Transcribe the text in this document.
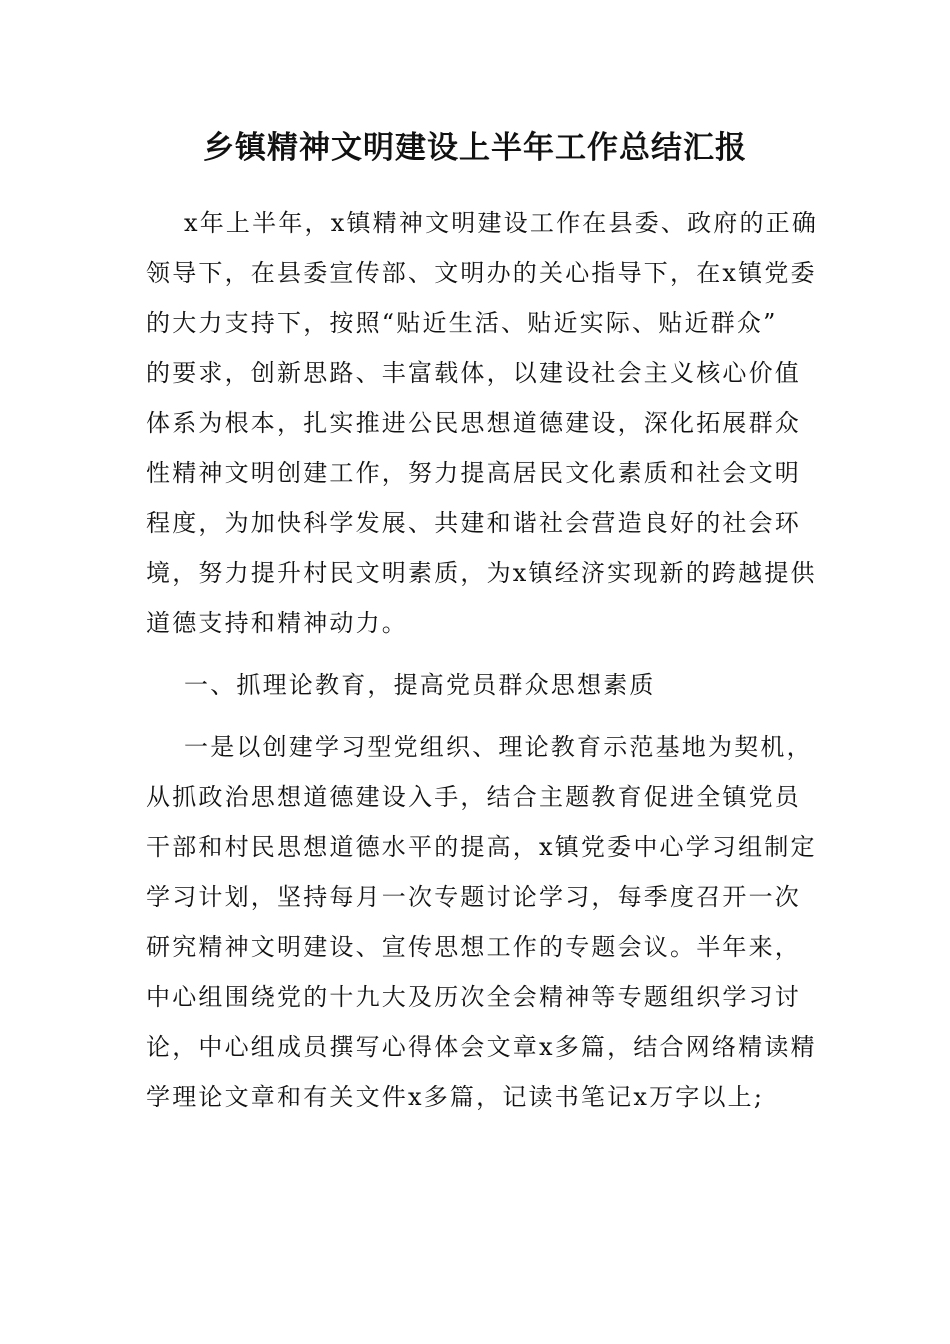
乡镇精神文明建设上半年工作总结汇报
x年上半年，x镇精神文明建设工作在县委、政府的正确
领导下，在县委宣传部、文明办的关心指导下，在x镇党委
的大力支持下，按照“贴近生活、贴近实际、贴近群众”
的要求，创新思路、丰富载体，以建设社会主义核心价值
体系为根本，扎实推进公民思想道德建设，深化拓展群众
性精神文明创建工作，努力提高居民文化素质和社会文明
程度，为加快科学发展、共建和谐社会营造良好的社会环
境，努力提升村民文明素质，为x镇经济实现新的跨越提供
道德支持和精神动力。
一、抓理论教育，提高党员群众思想素质
一是以创建学习型党组织、理论教育示范基地为契机，
从抓政治思想道德建设入手，结合主题教育促进全镇党员
干部和村民思想道德水平的提高，x镇党委中心学习组制定
学习计划，坚持每月一次专题讨论学习，每季度召开一次
研究精神文明建设、宣传思想工作的专题会议。半年来，
中心组围绕党的十九大及历次全会精神等专题组织学习讨
论，中心组成员撰写心得体会文章x多篇，结合网络精读精
学理论文章和有关文件x多篇，记读书笔记x万字以上;
